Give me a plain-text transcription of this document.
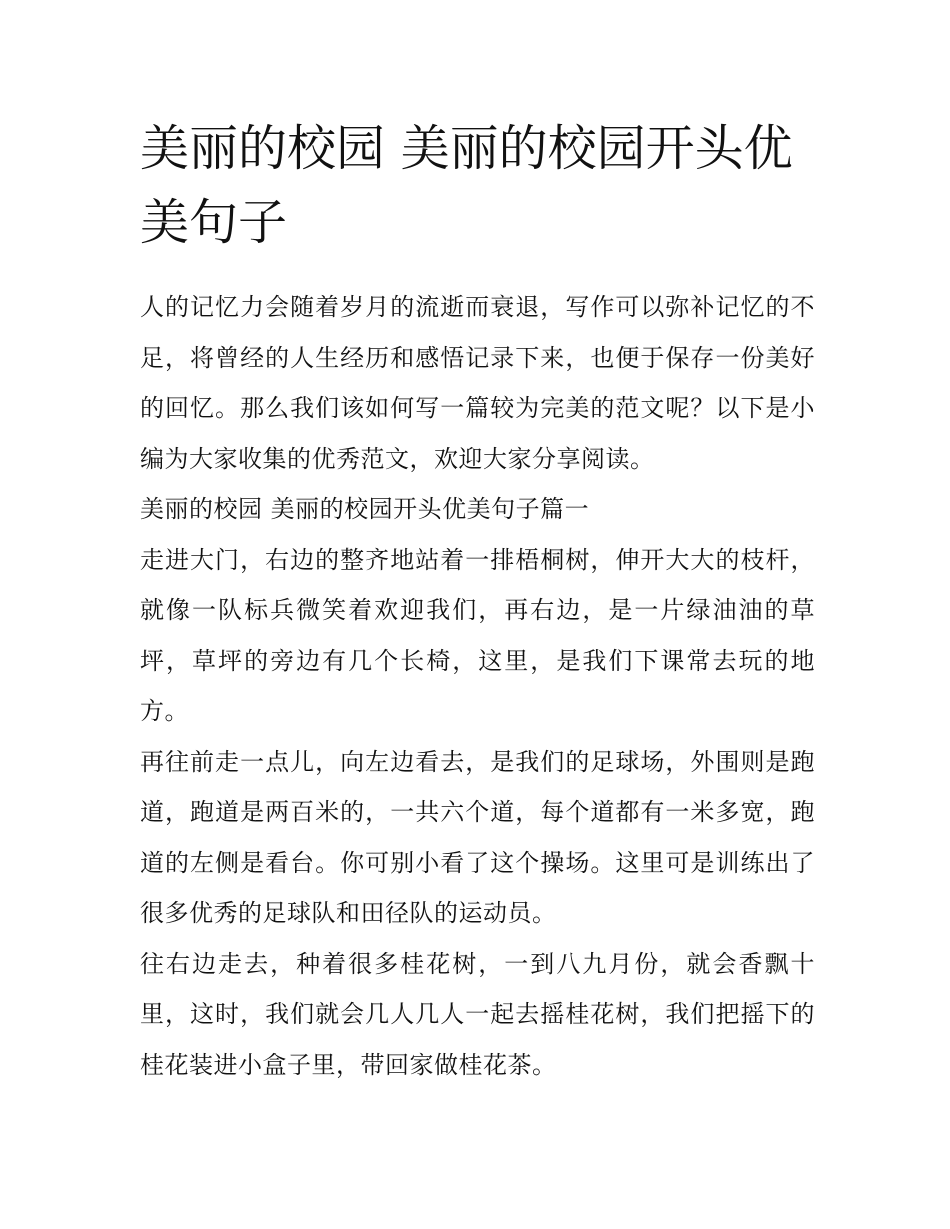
美丽的校园 美丽的校园开头优美句子

人的记忆力会随着岁月的流逝而衰退，写作可以弥补记忆的不足，将曾经的人生经历和感悟记录下来，也便于保存一份美好的回忆。那么我们该如何写一篇较为完美的范文呢？以下是小编为大家收集的优秀范文，欢迎大家分享阅读。

美丽的校园 美丽的校园开头优美句子篇一

走进大门，右边的整齐地站着一排梧桐树，伸开大大的枝杆，就像一队标兵微笑着欢迎我们，再右边，是一片绿油油的草坪，草坪的旁边有几个长椅，这里，是我们下课常去玩的地方。

再往前走一点儿，向左边看去，是我们的足球场，外围则是跑道，跑道是两百米的，一共六个道，每个道都有一米多宽，跑道的左侧是看台。你可别小看了这个操场。这里可是训练出了很多优秀的足球队和田径队的运动员。

往右边走去，种着很多桂花树，一到八九月份，就会香飘十里，这时，我们就会几人几人一起去摇桂花树，我们把摇下的桂花装进小盒子里，带回家做桂花茶。
